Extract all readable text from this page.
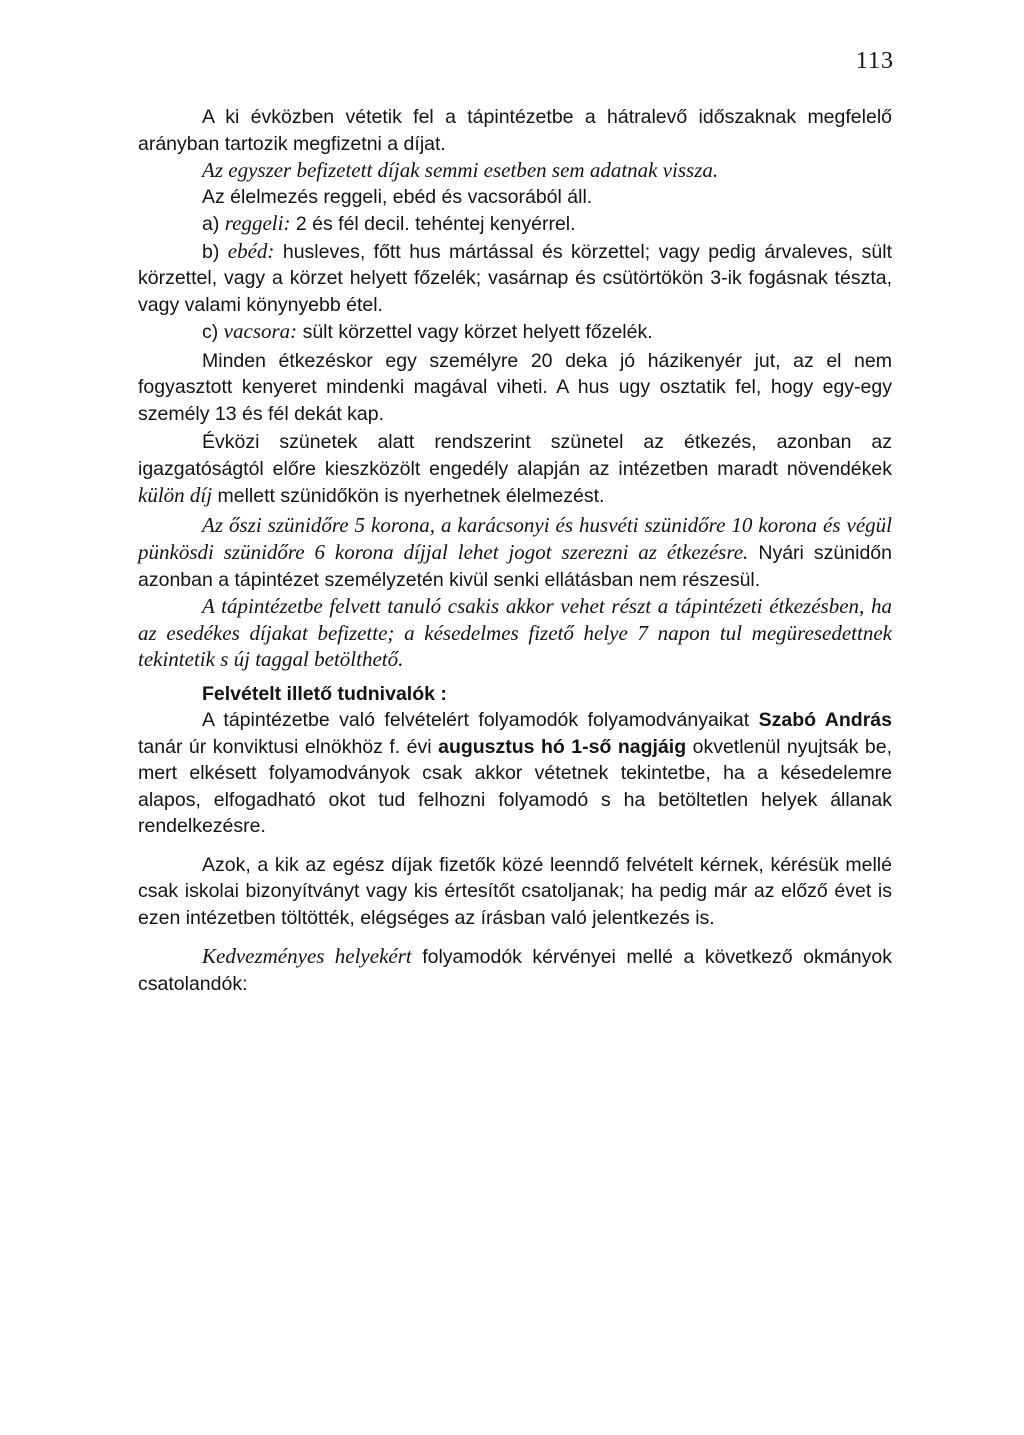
113

A ki évközben vétetik fel a tápintézetbe a hátralevő időszaknak megfelelő arányban tartozik megfizetni a díjat.

Az egyszer befizetett díjak semmi esetben sem adatnak vissza.

Az élelmezés reggeli, ebéd és vacsorából áll.

a) reggeli: 2 és fél decil. tehéntej kenyérrel.

b) ebéd: husleves, főtt hus mártással és körzettel; vagy pedig árvaleves, sült körzettel, vagy a körzet helyett főzelék; vasárnap és csütörtökön 3-ik fogásnak tészta, vagy valami könynyebb étel.

c) vacsora: sült körzettel vagy körzet helyett főzelék.

Minden étkezéskor egy személyre 20 deka jó házikenyér jut, az el nem fogyasztott kenyeret mindenki magával viheti. A hus ugy osztatik fel, hogy egy-egy személy 13 és fél dekát kap.

Évközi szünetek alatt rendszerint szünetel az étkezés, azonban az igazgatóságtól előre kieszközölt engedély alapján az intézetben maradt növendékek külön díj mellett szünidőkön is nyerhetnek élelmezést.

Az őszi szünidőre 5 korona, a karácsonyi és husvéti szünidőre 10 korona és végül pünkösdi szünidőre 6 korona díjjal lehet jogot szerezni az étkezésre. Nyári szünidőn azonban a tápintézet személyzetén kivül senki ellátásban nem részesül.

A tápintézetbe felvett tanuló csakis akkor vehet részt a tápintézeti étkezésben, ha az esedékes díjakat befizette; a késedelmes fizető helye 7 napon tul megüresedettnek tekintetik s új taggal betölthető.

Felvételt illető tudnivalók :

A tápintézetbe való felvételért folyamodók folyamodványaikat Szabó András tanár úr konviktusi elnökhöz f. évi augusztus hó 1-ső nagjáig okvetlenül nyujtsák be, mert elkésett folyamodványok csak akkor vétetnek tekintetbe, ha a késedelemre alapos, elfogadható okot tud felhozni folyamodó s ha betöltetlen helyek állanak rendelkezésre.

Azok, a kik az egész díjak fizetők közé leenndő felvételt kérnek, kérésük mellé csak iskolai bizonyítványt vagy kis értesítőt csatoljanak; ha pedig már az előző évet is ezen intézetben töltötték, elégséges az írásban való jelentkezés is.

Kedvezményes helyekért folyamodók kérvényei mellé a következő okmányok csatolandók:
